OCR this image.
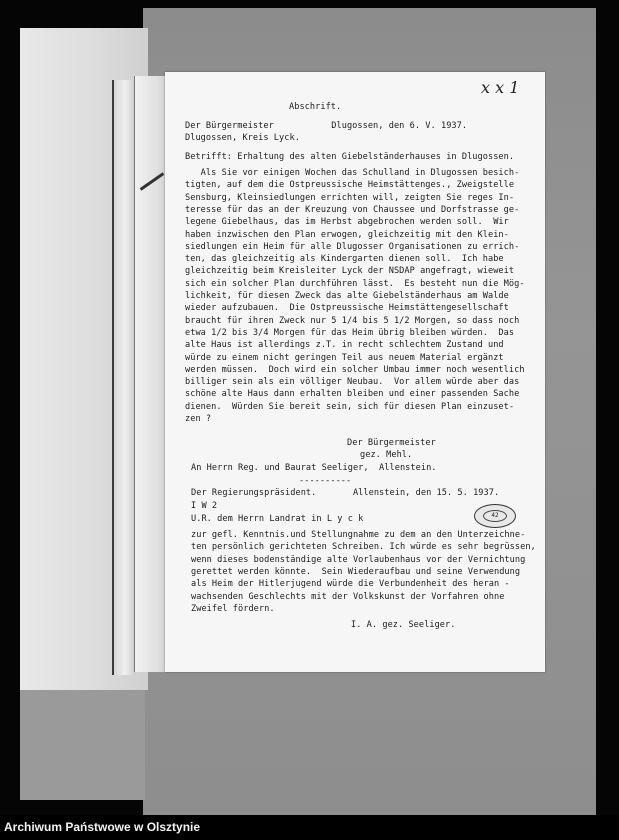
x x 1

Abschrift.

Der Bürgermeister           Dlugossen, den 6. V. 1937.

Dlugossen, Kreis Lyck.

Betrifft: Erhaltung des alten Giebelständerhauses in Dlugossen.

Als Sie vor einigen Wochen das Schulland in Dlugossen besich-

tigten, auf dem die Ostpreussische Heimstättenges., Zweigstelle

Sensburg, Kleinsiedlungen errichten will, zeigten Sie reges In-

teresse für das an der Kreuzung von Chaussee und Dorfstrasse ge-

legene Giebelhaus, das im Herbst abgebrochen werden soll.  Wir

haben inzwischen den Plan erwogen, gleichzeitig mit den Klein-

siedlungen ein Heim für alle Dlugosser Organisationen zu errich-

ten, das gleichzeitig als Kindergarten dienen soll.  Ich habe

gleichzeitig beim Kreisleiter Lyck der NSDAP angefragt, wieweit

sich ein solcher Plan durchführen lässt.  Es besteht nun die Mög-

lichkeit, für diesen Zweck das alte Giebelständerhaus am Walde

wieder aufzubauen.  Die Ostpreussische Heimstättengesellschaft

braucht für ihren Zweck nur 5 1/4 bis 5 1/2 Morgen, so dass noch

etwa 1/2 bis 3/4 Morgen für das Heim übrig bleiben würden.  Das

alte Haus ist allerdings z.T. in recht schlechtem Zustand und

würde zu einem nicht geringen Teil aus neuem Material ergänzt

werden müssen.  Doch wird ein solcher Umbau immer noch wesentlich

billiger sein als ein völliger Neubau.  Vor allem würde aber das

schöne alte Haus dann erhalten bleiben und einer passenden Sache

dienen.  Würden Sie bereit sein, sich für diesen Plan einzuset-

zen ?

Der Bürgermeister

gez. Mehl.

An Herrn Reg. und Baurat Seeliger,  Allenstein.

----------

Der Regierungspräsident.       Allenstein, den 15. 5. 1937.

I W 2

U.R. dem Herrn Landrat in L y c k	42

zur gefl. Kenntnis.und Stellungnahme zu dem an den Unterzeichne-

ten persönlich gerichteten Schreiben. Ich würde es sehr begrüssen,

wenn dieses bodenständige alte Vorlaubenhaus vor der Vernichtung

gerettet werden könnte.  Sein Wiederaufbau und seine Verwendung

als Heim der Hitlerjugend würde die Verbundenheit des heran -

wachsenden Geschlechts mit der Volkskunst der Vorfahren ohne

Zweifel fördern.

I. A. gez. Seeliger.

Archiwum Państwowe w Olsztynie
